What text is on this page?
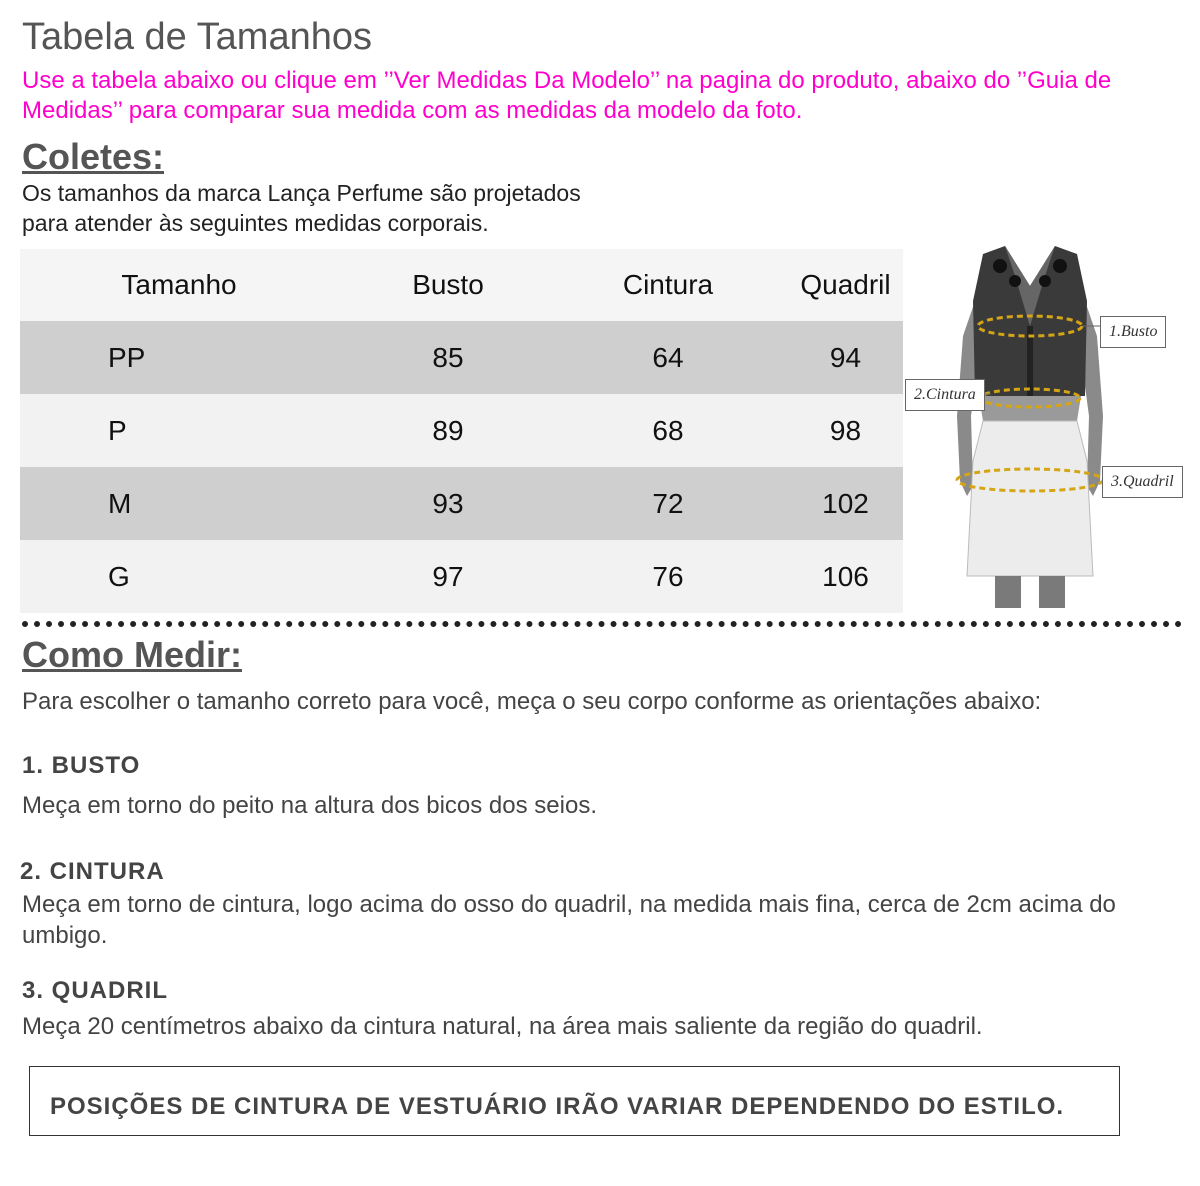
Tabela de Tamanhos
Use a tabela abaixo ou clique em ’’Ver Medidas Da Modelo’’ na pagina do produto, abaixo do ’’Guia de Medidas’’ para comparar sua medida com as medidas da modelo da foto.
Coletes:
Os tamanhos da marca Lança Perfume são projetados
para atender às seguintes medidas corporais.
Tamanho	Busto	Cintura	Quadril
PP	85	64	94
P	89	68	98
M	93	72	102
G	97	76	106
1.Busto
2.Cintura
3.Quadril
Como Medir:
Para escolher o tamanho correto para você, meça o seu corpo conforme as orientações abaixo:
1. BUSTO
Meça em torno do peito na altura dos bicos dos seios.
2. CINTURA
Meça em torno de cintura, logo acima do osso do quadril, na medida mais fina, cerca de 2cm acima do umbigo.
3. QUADRIL
Meça 20 centímetros abaixo da cintura natural, na área mais saliente da região do quadril.
POSIÇÕES DE CINTURA DE VESTUÁRIO IRÃO VARIAR DEPENDENDO DO ESTILO.
